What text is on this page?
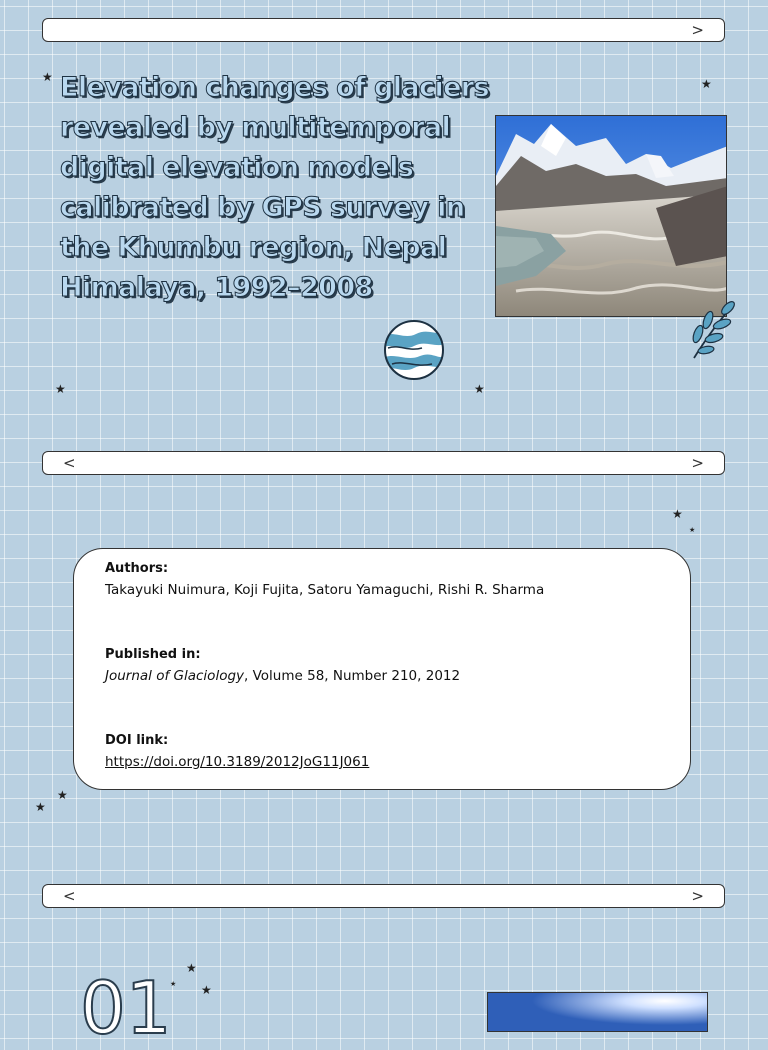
>
Elevation changes of glaciers revealed by multitemporal digital elevation models calibrated by GPS survey in the Khumbu region, Nepal Himalaya, 1992–2008
★	★
★	★
★
★
★
★
★
★ ★
<	>
Authors:
Takayuki Nuimura, Koji Fujita, Satoru Yamaguchi, Rishi R. Sharma
Published in:
Journal of Glaciology, Volume 58, Number 210, 2012
DOI link:
https://doi.org/10.3189/2012JoG11J061
<	>
01
